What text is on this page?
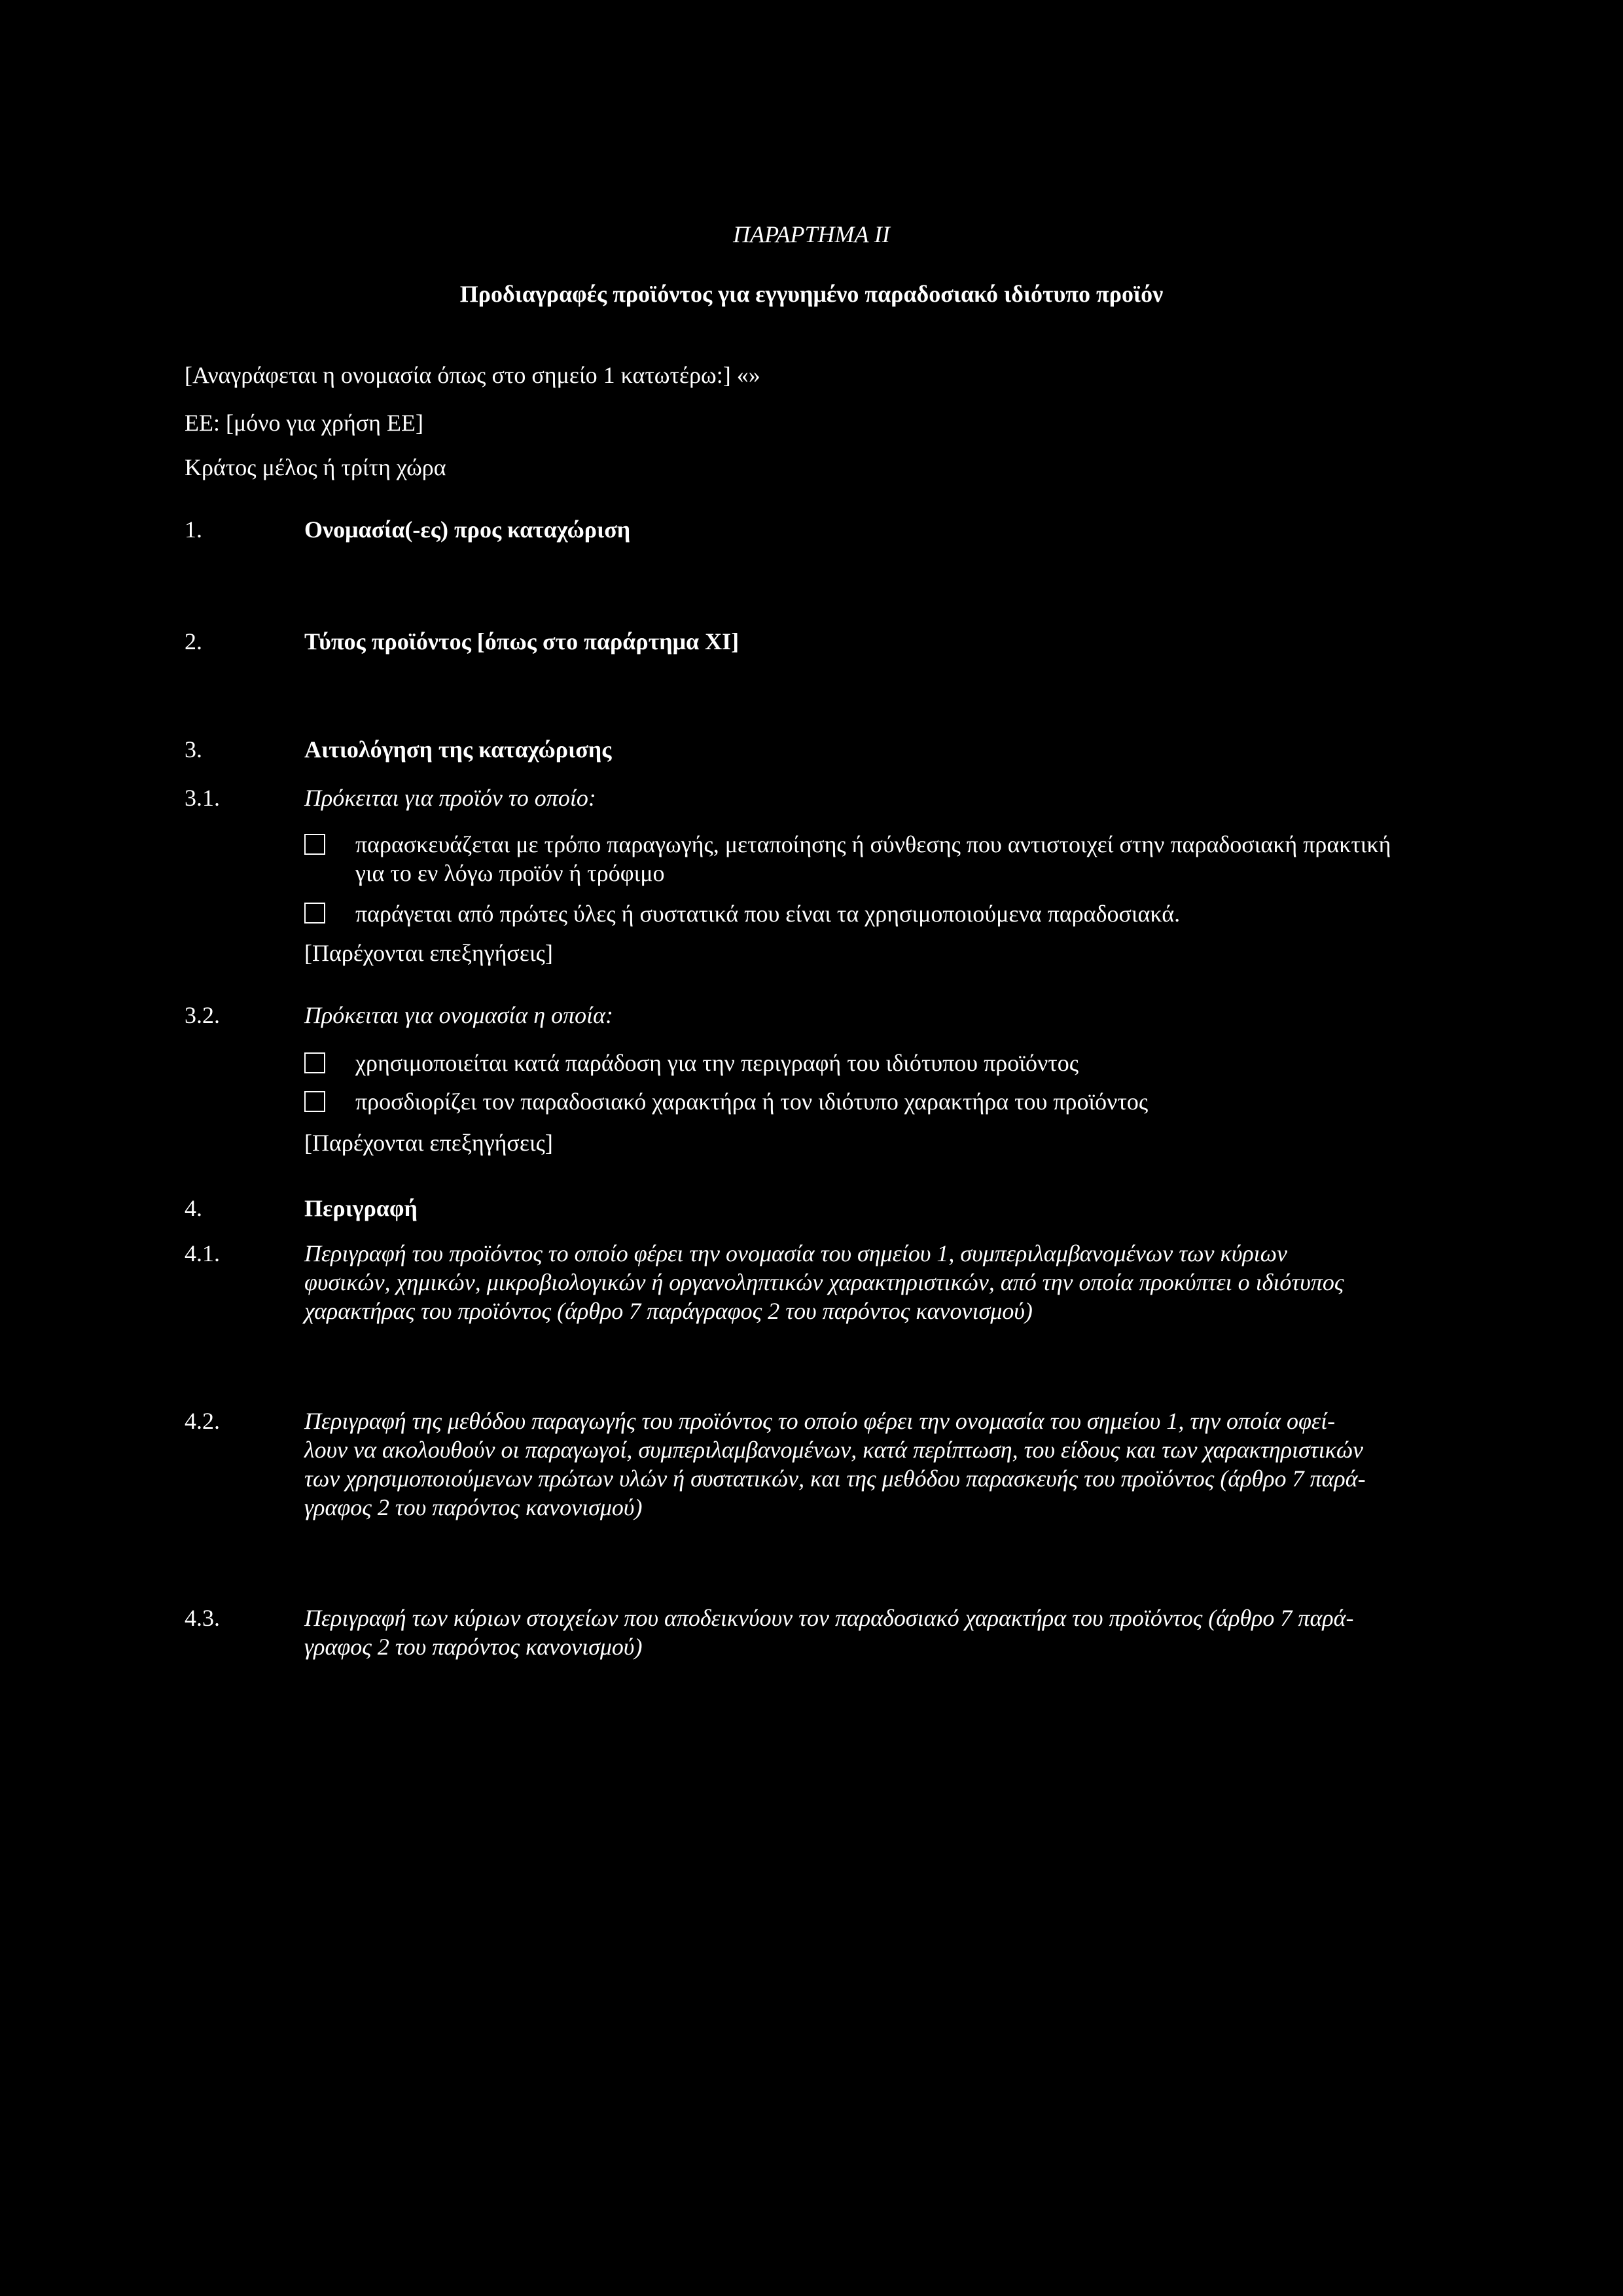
ΠΑΡΑΡΤΗΜΑ II
Προδιαγραφές προϊόντος για εγγυημένο παραδοσιακό ιδιότυπο προϊόν
[Αναγράφεται η ονομασία όπως στο σημείο 1 κατωτέρω:] «»
ΕΕ: [μόνο για χρήση ΕΕ]
Κράτος μέλος ή τρίτη χώρα
1.	Ονομασία(-ες) προς καταχώριση
2.	Τύπος προϊόντος [όπως στο παράρτημα XI]
3.	Αιτιολόγηση της καταχώρισης
3.1.	Πρόκειται για προϊόν το οποίο:
παρασκευάζεται με τρόπο παραγωγής, μεταποίησης ή σύνθεσης που αντιστοιχεί στην παραδοσιακή πρακτική
για το εν λόγω προϊόν ή τρόφιμο
παράγεται από πρώτες ύλες ή συστατικά που είναι τα χρησιμοποιούμενα παραδοσιακά.
[Παρέχονται επεξηγήσεις]
3.2.	Πρόκειται για ονομασία η οποία:
χρησιμοποιείται κατά παράδοση για την περιγραφή του ιδιότυπου προϊόντος
προσδιορίζει τον παραδοσιακό χαρακτήρα ή τον ιδιότυπο χαρακτήρα του προϊόντος
[Παρέχονται επεξηγήσεις]
4.	Περιγραφή
4.1.	Περιγραφή του προϊόντος το οποίο φέρει την ονομασία του σημείου 1, συμπεριλαμβανομένων των κύριων

φυσικών, χημικών, μικροβιολογικών ή οργανοληπτικών χαρακτηριστικών, από την οποία προκύπτει ο ιδιότυπος

χαρακτήρας του προϊόντος (άρθρο 7 παράγραφος 2 του παρόντος κανονισμού)

4.2.	Περιγραφή της μεθόδου παραγωγής του προϊόντος το οποίο φέρει την ονομασία του σημείου 1, την οποία οφεί-

λουν να ακολουθούν οι παραγωγοί, συμπεριλαμβανομένων, κατά περίπτωση, του είδους και των χαρακτηριστικών

των χρησιμοποιούμενων πρώτων υλών ή συστατικών, και της μεθόδου παρασκευής του προϊόντος (άρθρο 7 παρά-

γραφος 2 του παρόντος κανονισμού)

4.3.	Περιγραφή των κύριων στοιχείων που αποδεικνύουν τον παραδοσιακό χαρακτήρα του προϊόντος (άρθρο 7 παρά-

γραφος 2 του παρόντος κανονισμού)
